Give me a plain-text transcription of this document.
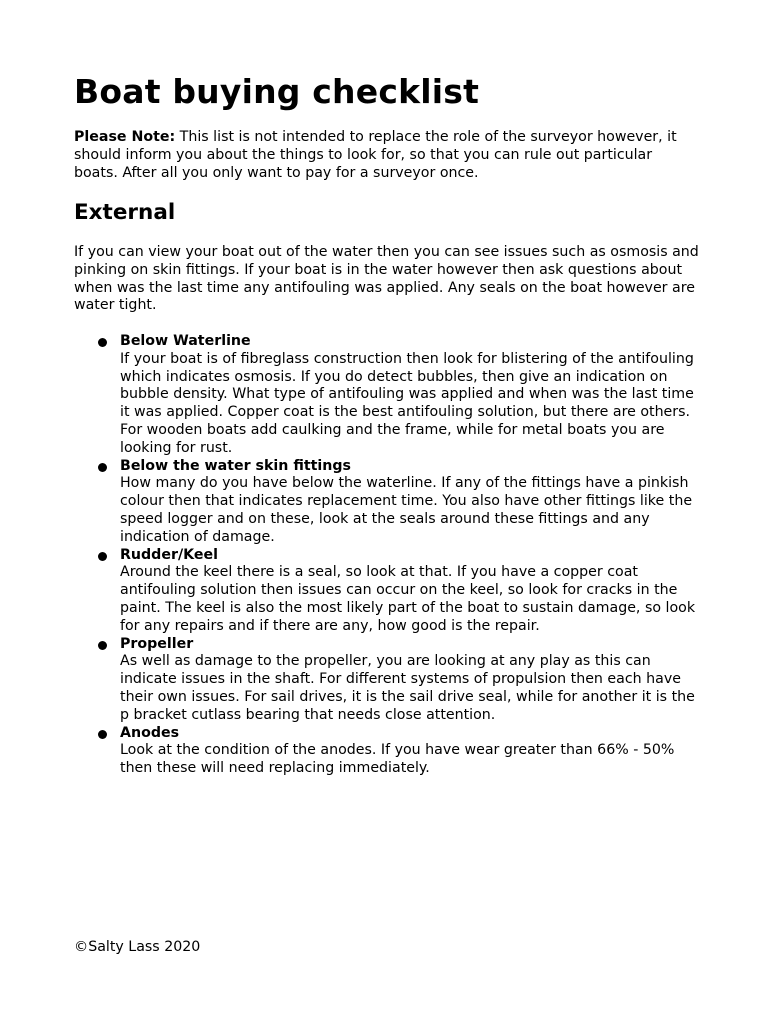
Boat buying checklist

Please Note: This list is not intended to replace the role of the surveyor however, it should inform you about the things to look for, so that you can rule out particular boats. After all you only want to pay for a surveyor once.

External

If you can view your boat out of the water then you can see issues such as osmosis and pinking on skin fittings. If your boat is in the water however then ask questions about when was the last time any antifouling was applied. Any seals on the boat however are water tight.

Below Waterline
If your boat is of fibreglass construction then look for blistering of the antifouling which indicates osmosis. If you do detect bubbles, then give an indication on bubble density. What type of antifouling was applied and when was the last time it was applied. Copper coat is the best antifouling solution, but there are others. For wooden boats add caulking and the frame, while for metal boats you are looking for rust.
Below the water skin fittings
How many do you have below the waterline. If any of the fittings have a pinkish colour then that indicates replacement time. You also have other fittings like the speed logger and on these, look at the seals around these fittings and any indication of damage.
Rudder/Keel
Around the keel there is a seal, so look at that. If you have a copper coat antifouling solution then issues can occur on the keel, so look for cracks in the paint. The keel is also the most likely part of the boat to sustain damage, so look for any repairs and if there are any, how good is the repair.
Propeller
As well as damage to the propeller, you are looking at any play as this can indicate issues in the shaft. For different systems of propulsion then each have their own issues. For sail drives, it is the sail drive seal, while for another it is the p bracket cutlass bearing that needs close attention.
Anodes
Look at the condition of the anodes. If you have wear greater than 66% - 50% then these will need replacing immediately.

©Salty Lass 2020
